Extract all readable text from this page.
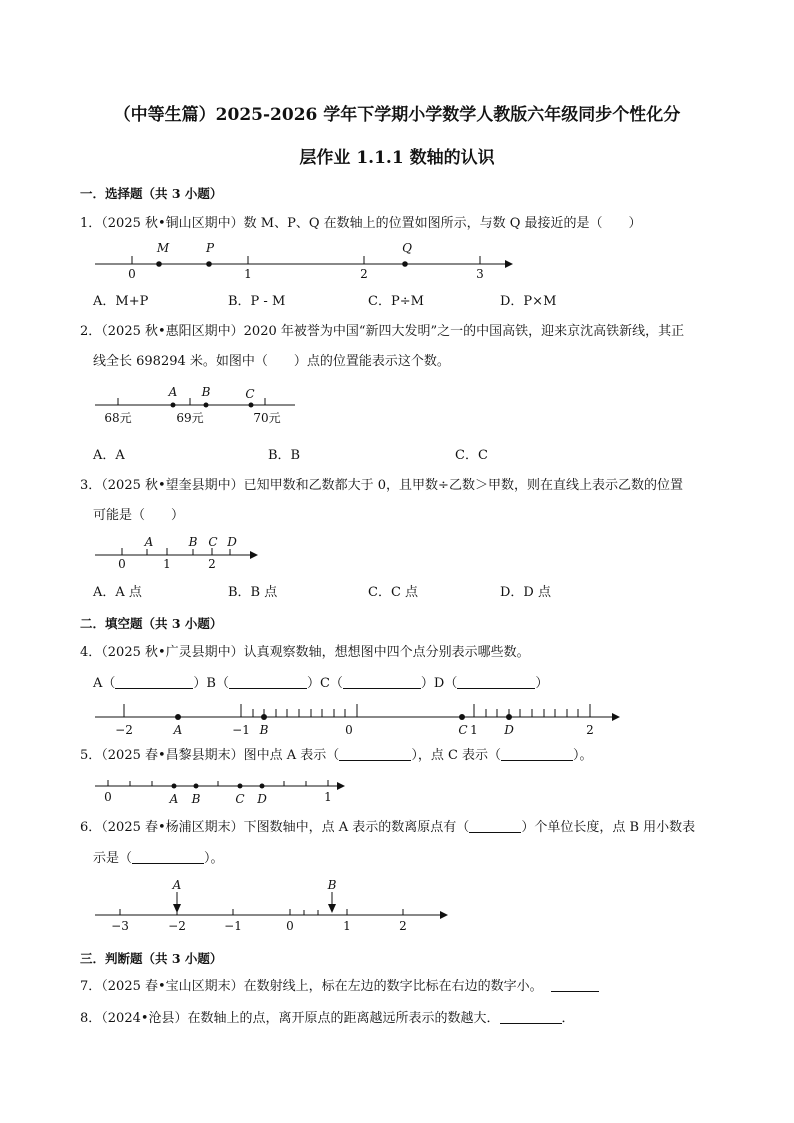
（中等生篇）2025-2026 学年下学期小学数学人教版六年级同步个性化分
层作业 1.1.1 数轴的认识
一．选择题（共 3 小题）
1．（2025 秋•铜山区期中）数 M、P、Q 在数轴上的位置如图所示，与数 Q 最接近的是（　　）
0	1	2	3
M	P	Q
A．M+P	B．P - M	C．P÷M	D．P×M
2．（2025 秋•惠阳区期中）2020 年被誉为中国“新四大发明”之一的中国高铁，迎来京沈高铁新线，其正
线全长 698294 米。如图中（　　）点的位置能表示这个数。
68元	69元	70元
A B	C
A．A	B．B	C．C
3．（2025 秋•望奎县期中）已知甲数和乙数都大于 0，且甲数÷乙数＞甲数，则在直线上表示乙数的位置
可能是（　　）
0	1	2
A	B C D
A．A 点	B．B 点	C．C 点	D．D 点
二．填空题（共 3 小题）
4．（2025 秋•广灵县期中）认真观察数轴，想想图中四个点分别表示哪些数。
A（	）B（	）C（	）D（	）
−2	−1	0	1	2
A	B	C	D
5．（2025 春•昌黎县期末）图中点 A 表示（	），点 C 表示（	）。
0	1
A B	C D
6．（2025 春•杨浦区期末）下图数轴中，点 A 表示的数离原点有（	）个单位长度，点 B 用小数表
示是（	）。
−3	−2	−1	0	1	2
A	B
三．判断题（共 3 小题）
7．（2025 春•宝山区期末）在数射线上，标在左边的数字比标在右边的数字小。
8．（2024•沧县）在数轴上的点，离开原点的距离越远所表示的数越大．	．
